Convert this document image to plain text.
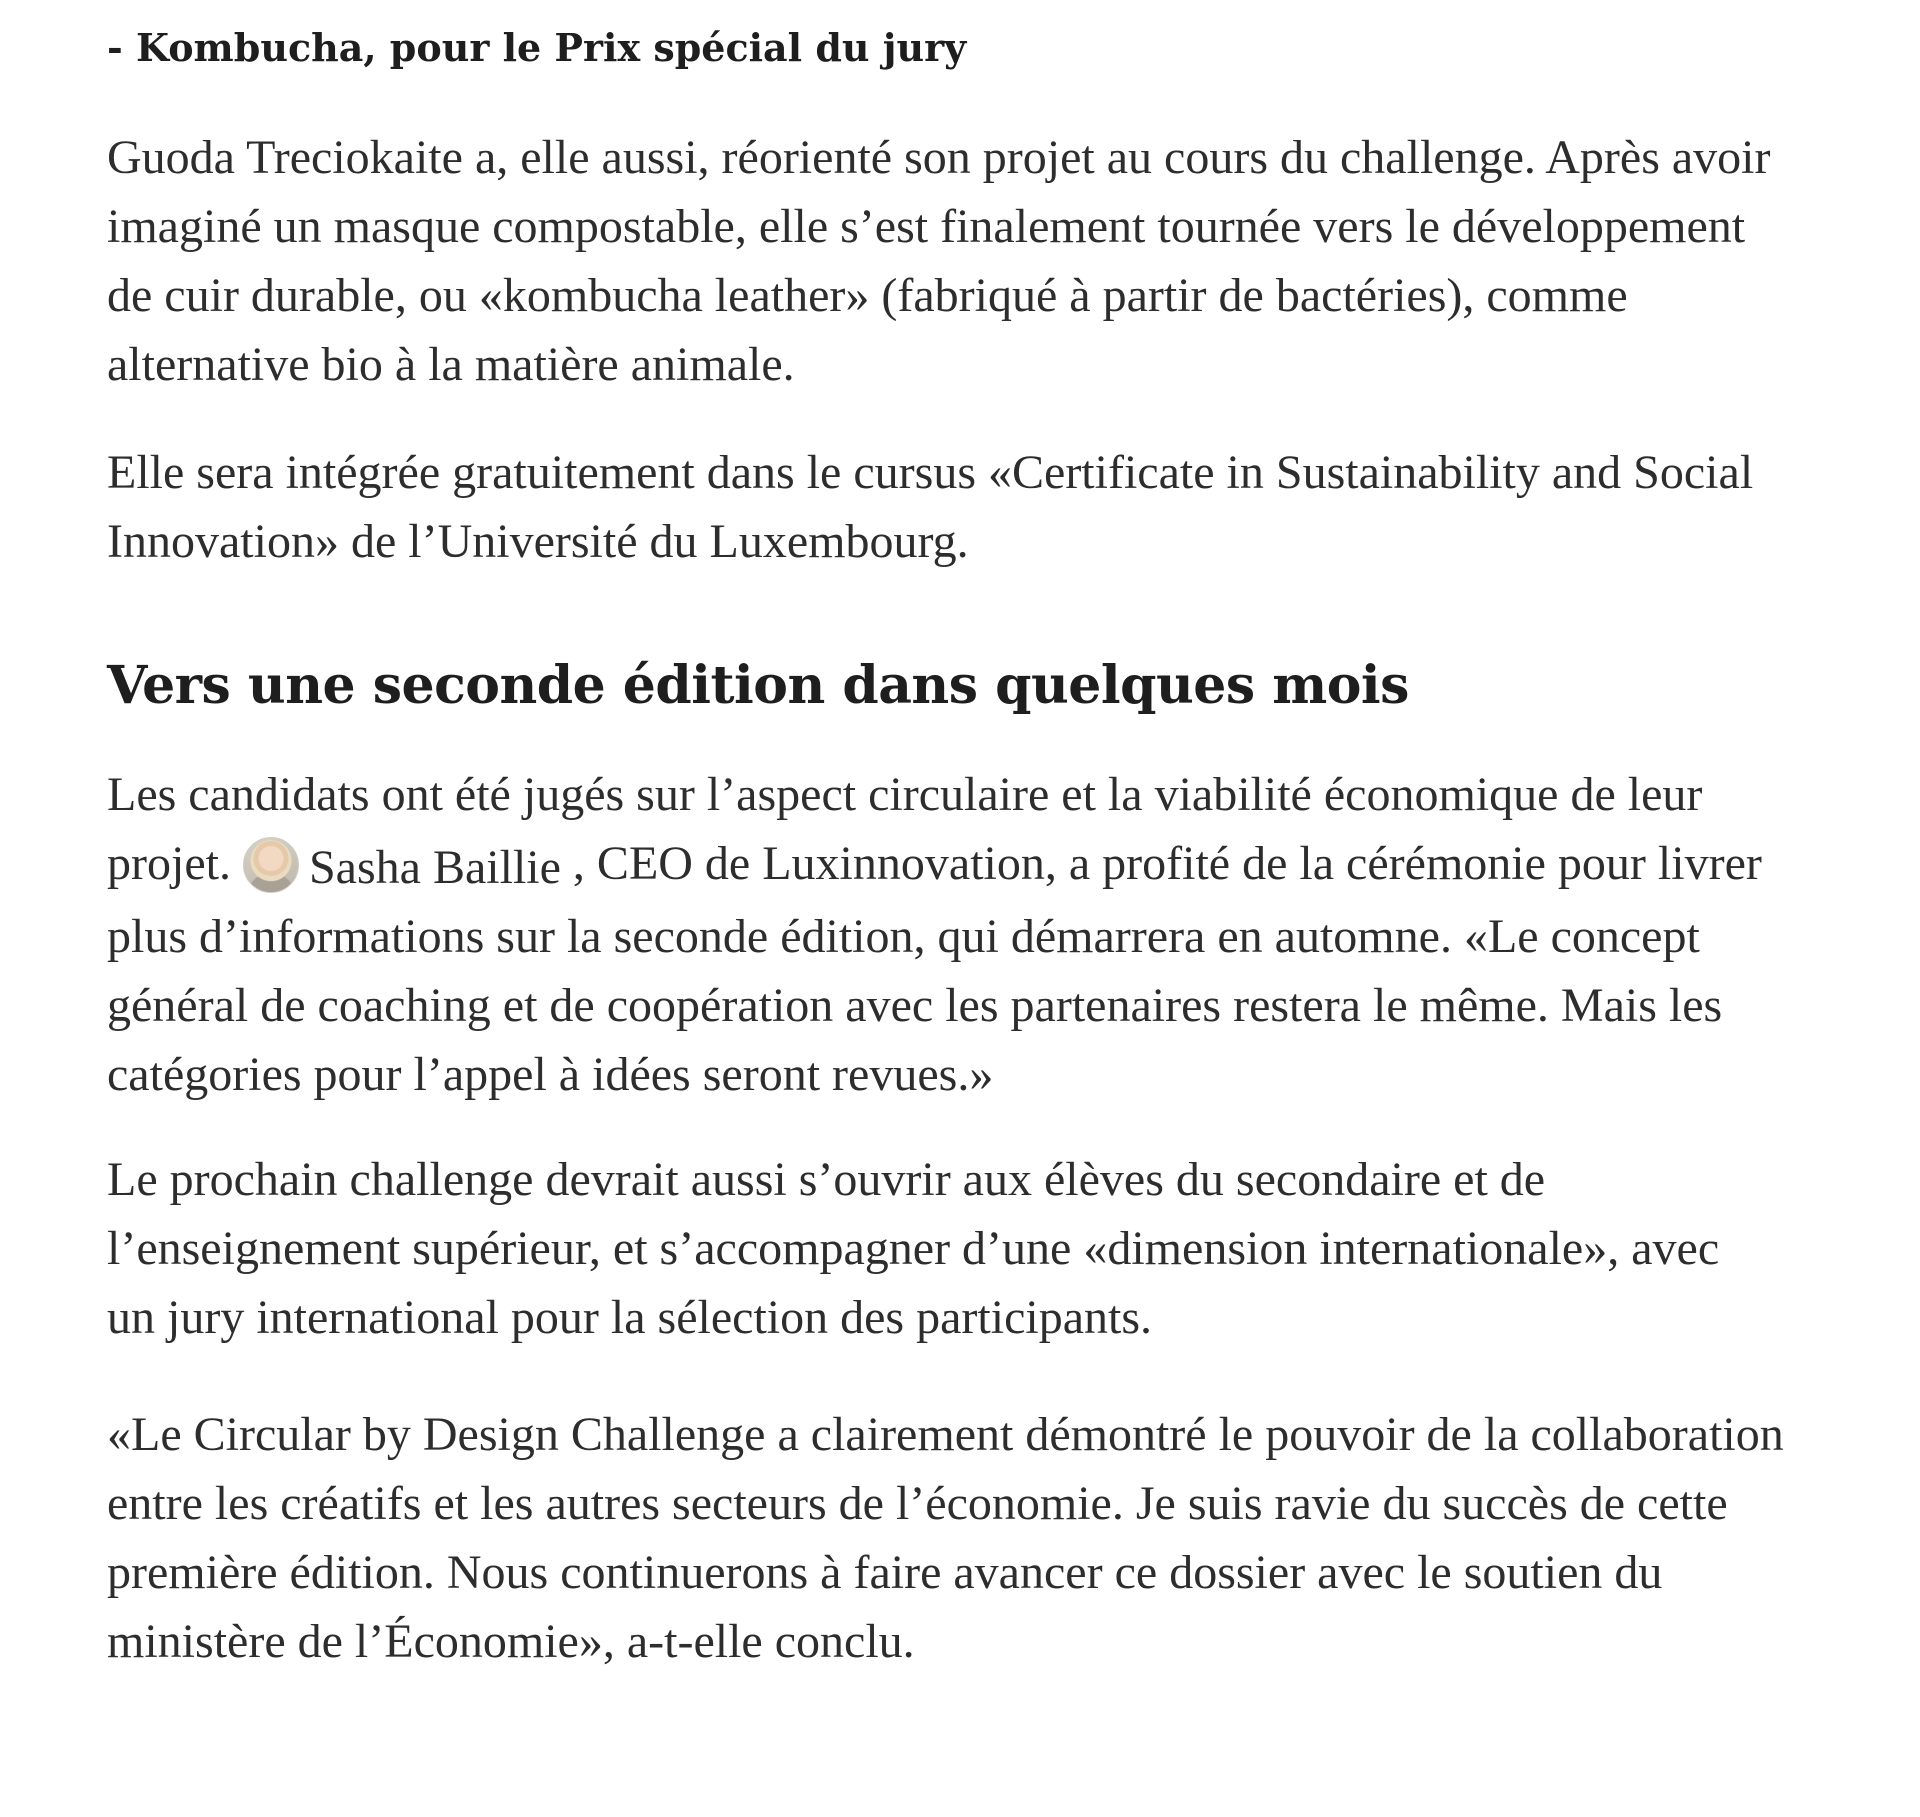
- Kombucha, pour le Prix spécial du jury

Guoda Treciokaite a, elle aussi, réorienté son projet au cours du challenge. Après avoir
imaginé un masque compostable, elle s’est finalement tournée vers le développement
de cuir durable, ou «kombucha leather» (fabriqué à partir de bactéries), comme
alternative bio à la matière animale.

Elle sera intégrée gratuitement dans le cursus «Certificate in Sustainability and Social
Innovation» de l’Université du Luxembourg.

Vers une seconde édition dans quelques mois

Les candidats ont été jugés sur l’aspect circulaire et la viabilité économique de leur
projet. Sasha Baillie , CEO de Luxinnovation, a profité de la cérémonie pour livrer
plus d’informations sur la seconde édition, qui démarrera en automne. «Le concept
général de coaching et de coopération avec les partenaires restera le même. Mais les
catégories pour l’appel à idées seront revues.»

Le prochain challenge devrait aussi s’ouvrir aux élèves du secondaire et de
l’enseignement supérieur, et s’accompagner d’une «dimension internationale», avec
un jury international pour la sélection des participants.

«Le Circular by Design Challenge a clairement démontré le pouvoir de la collaboration
entre les créatifs et les autres secteurs de l’économie. Je suis ravie du succès de cette
première édition. Nous continuerons à faire avancer ce dossier avec le soutien du
ministère de l’Économie», a-t-elle conclu.
